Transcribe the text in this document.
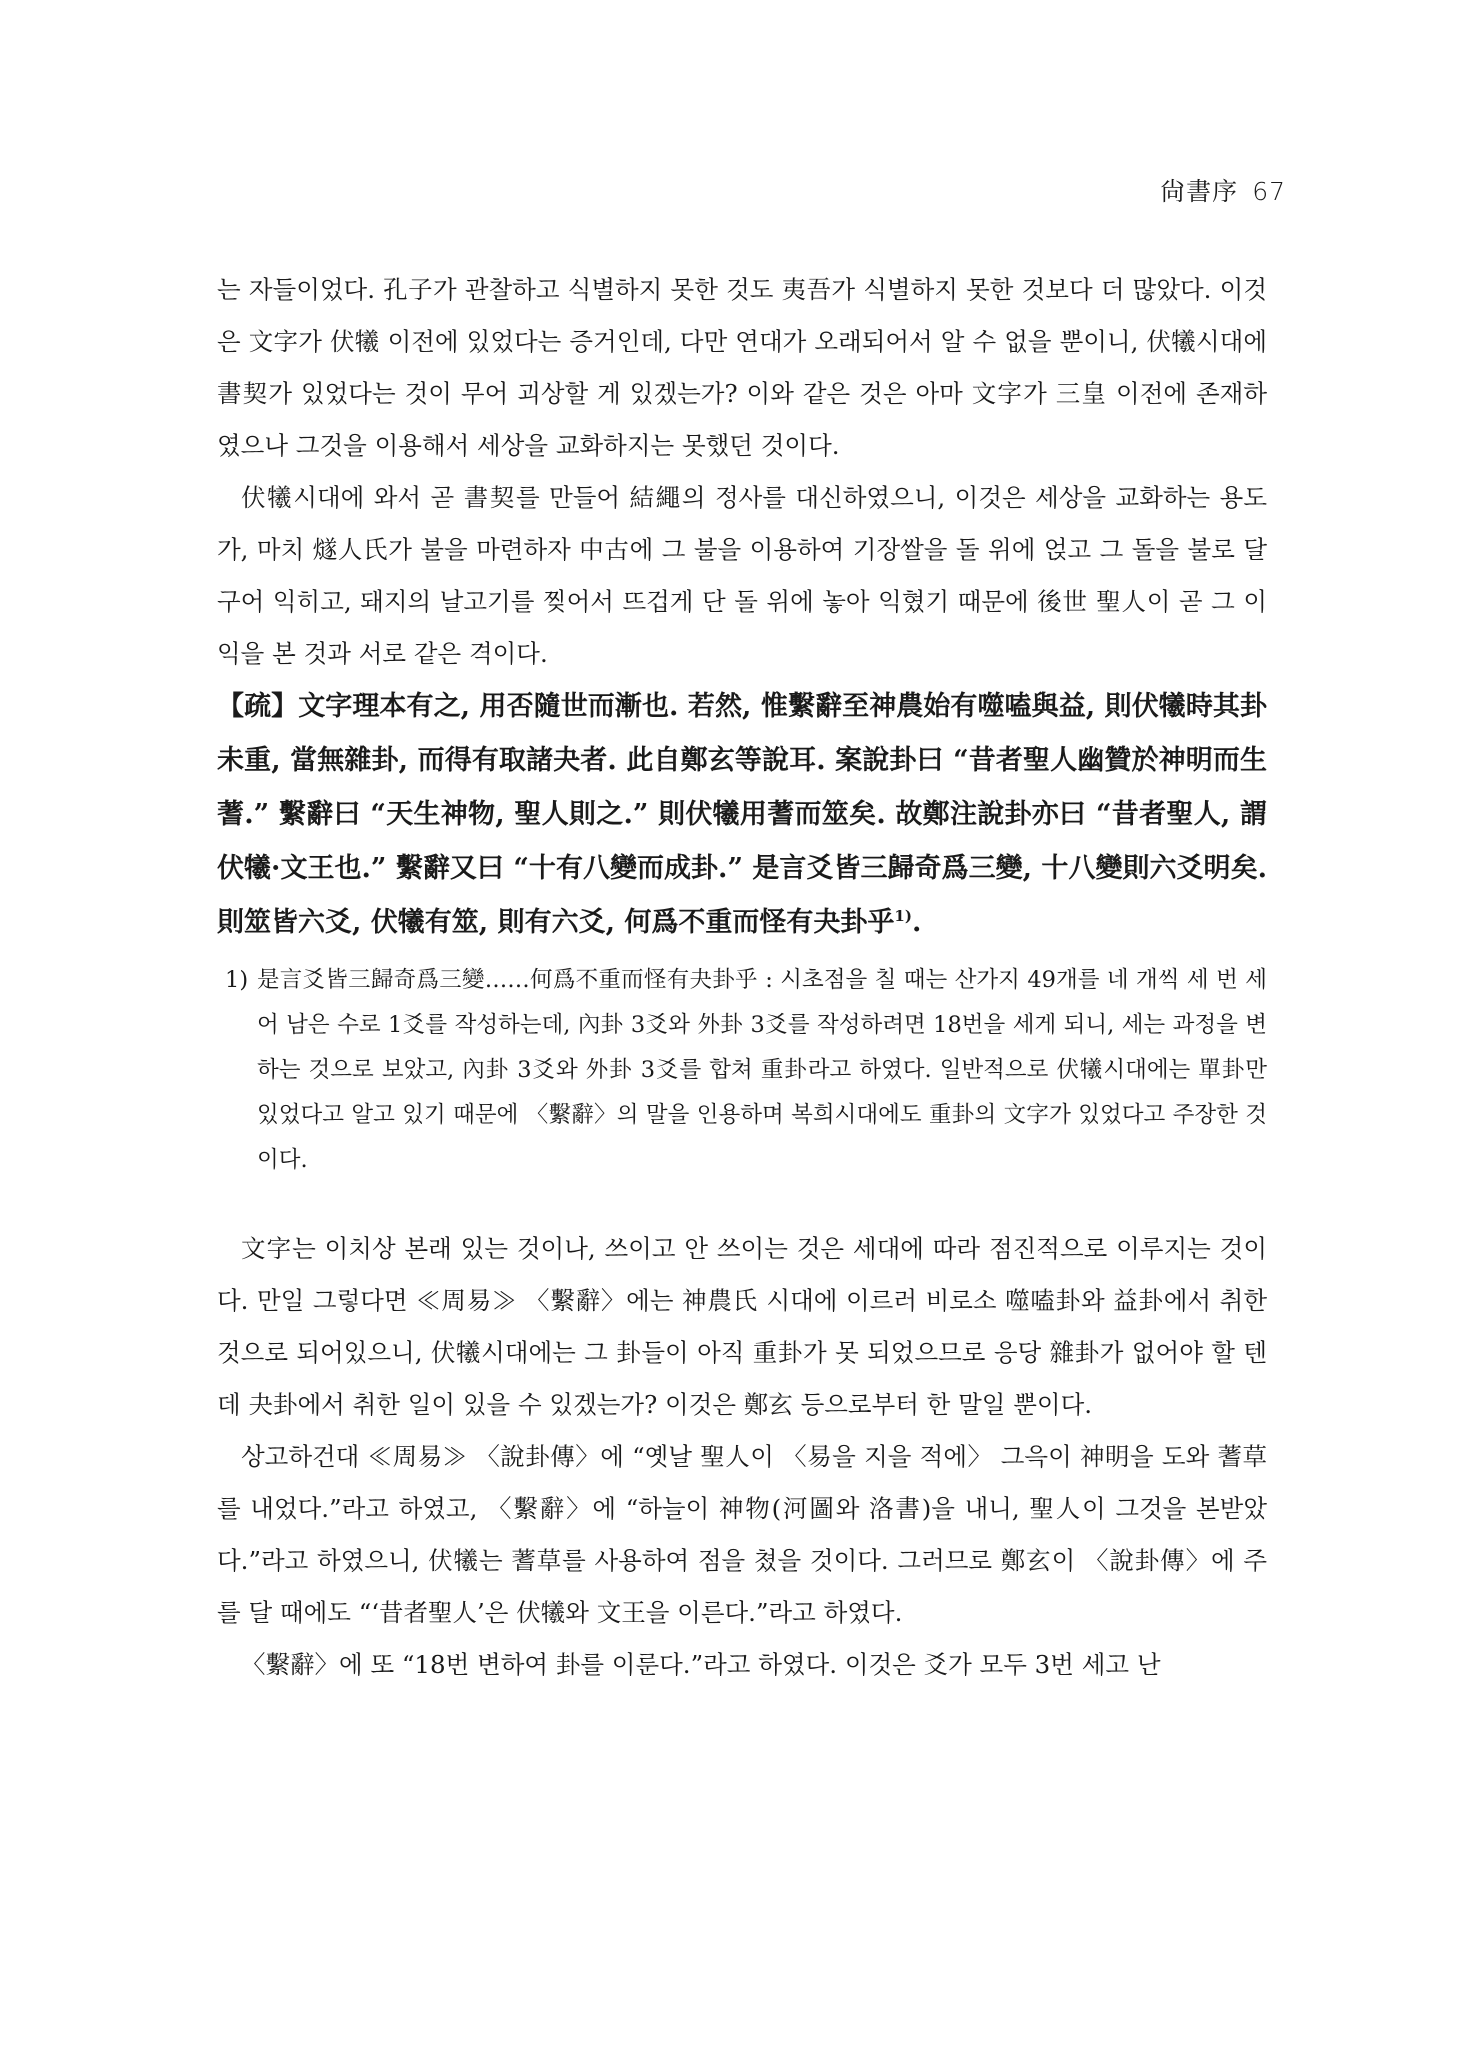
尙書序 67

는 자들이었다. 孔子가 관찰하고 식별하지 못한 것도 夷吾가 식별하지 못한 것보다 더 많았다. 이것은 文字가 伏犧 이전에 있었다는 증거인데, 다만 연대가 오래되어서 알 수 없을 뿐이니, 伏犧시대에 書契가 있었다는 것이 무어 괴상할 게 있겠는가? 이와 같은 것은 아마 文字가 三皇 이전에 존재하였으나 그것을 이용해서 세상을 교화하지는 못했던 것이다.

伏犧시대에 와서 곧 書契를 만들어 結繩의 정사를 대신하였으니, 이것은 세상을 교화하는 용도가, 마치 燧人氏가 불을 마련하자 中古에 그 불을 이용하여 기장쌀을 돌 위에 얹고 그 돌을 불로 달구어 익히고, 돼지의 날고기를 찢어서 뜨겁게 단 돌 위에 놓아 익혔기 때문에 後世 聖人이 곧 그 이익을 본 것과 서로 같은 격이다.

【疏】文字理本有之, 用否隨世而漸也. 若然, 惟繫辭至神農始有噬嗑與益, 則伏犧時其卦未重, 當無雜卦, 而得有取諸夬者. 此自鄭玄等說耳. 案說卦曰 “昔者聖人幽贊於神明而生蓍.” 繫辭曰 “天生神物, 聖人則之.” 則伏犧用蓍而筮矣. 故鄭注說卦亦曰 “昔者聖人, 謂伏犧·文王也.” 繫辭又曰 “十有八變而成卦.” 是言爻皆三歸奇爲三變, 十八變則六爻明矣. 則筮皆六爻, 伏犧有筮, 則有六爻, 何爲不重而怪有夬卦乎$^{1)}$.

1) 是言爻皆三歸奇爲三變……何爲不重而怪有夬卦乎 : 시초점을 칠 때는 산가지 49개를 네 개씩 세 번 세어 남은 수로 1爻를 작성하는데, 內卦 3爻와 外卦 3爻를 작성하려면 18번을 세게 되니, 세는 과정을 변하는 것으로 보았고, 內卦 3爻와 外卦 3爻를 합쳐 重卦라고 하였다. 일반적으로 伏犧시대에는 單卦만 있었다고 알고 있기 때문에 〈繫辭〉의 말을 인용하며 복희시대에도 重卦의 文字가 있었다고 주장한 것이다.

文字는 이치상 본래 있는 것이나, 쓰이고 안 쓰이는 것은 세대에 따라 점진적으로 이루지는 것이다. 만일 그렇다면 ≪周易≫ 〈繫辭〉에는 神農氏 시대에 이르러 비로소 噬嗑卦와 益卦에서 취한 것으로 되어있으니, 伏犧시대에는 그 卦들이 아직 重卦가 못 되었으므로 응당 雜卦가 없어야 할 텐데 夬卦에서 취한 일이 있을 수 있겠는가? 이것은 鄭玄 등으로부터 한 말일 뿐이다.

상고하건대 ≪周易≫ 〈說卦傳〉에 “옛날 聖人이 〈易을 지을 적에〉 그윽이 神明을 도와 蓍草를 내었다.”라고 하였고, 〈繫辭〉에 “하늘이 神物(河圖와 洛書)을 내니, 聖人이 그것을 본받았다.”라고 하였으니, 伏犧는 蓍草를 사용하여 점을 쳤을 것이다. 그러므로 鄭玄이 〈說卦傳〉에 주를 달 때에도 “‘昔者聖人’은 伏犧와 文王을 이른다.”라고 하였다.

〈繫辭〉에 또 “18번 변하여 卦를 이룬다.”라고 하였다. 이것은 爻가 모두 3번 세고 난
